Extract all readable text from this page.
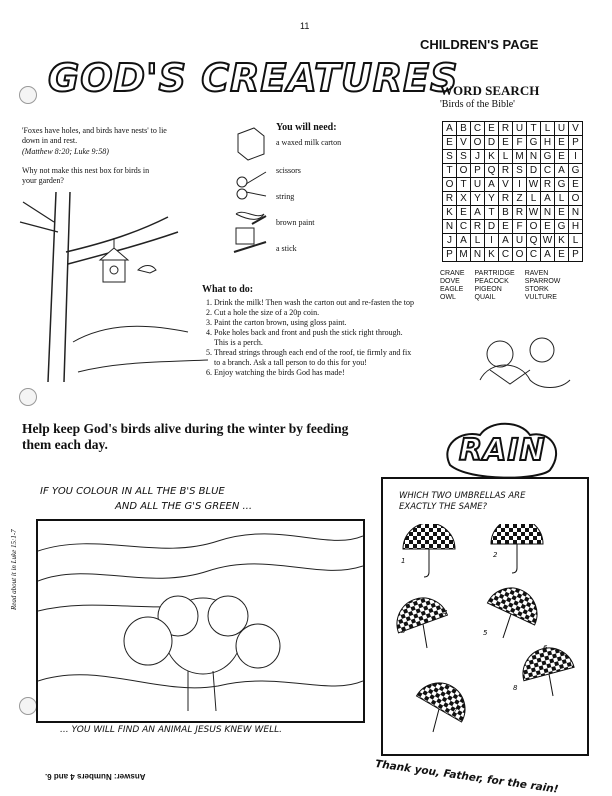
11
CHILDREN'S PAGE
GOD'S CREATURES
'Foxes have holes, and birds have nests' to lie down in and rest.
(Matthew 8:20; Luke 9:58)
Why not make this nest box for birds in your garden?
You will need:
a waxed milk carton
scissors
string
brown paint
a stick
What to do:
1. Drink the milk! Then wash the carton out and re-fasten the top
2. Cut a hole the size of a 20p coin.
3. Paint the carton brown, using gloss paint.
4. Poke holes back and front and push the stick right through. This is a perch.
5. Thread strings through each end of the roof, tie firmly and fix to a branch. Ask a tall person to do this for you!
6. Enjoy watching the birds God has made!
WORD SEARCH
'Birds of the Bible'
A	B	C	E	R	U	T	L	U	V
E	V	O	D	E	F	G	H	E	P
S	S	J	K	L	M	N	G	E	I
T	O	P	Q	R	S	D	C	A	G
O	T	U	A	V	I	W	R	G	E
R	X	Y	Y	R	Z	L	A	L	O
K	E	A	T	B	R	W	N	E	N
N	C	R	D	E	F	O	E	G	H
J	A	L	I	A	U	Q	W	K	L
P	M	N	K	C	O	C	A	E	P
CRANE	PARTRIDGE	RAVEN
DOVE	PEACOCK	SPARROW
EAGLE	PIGEON	STORK
OWL	QUAIL	VULTURE
Help keep God's birds alive during the winter by feeding them each day.
IF YOU COLOUR IN ALL THE B'S BLUE
AND ALL THE G'S GREEN ...
Read about it in Luke 15:1-7
... YOU WILL FIND AN ANIMAL JESUS KNEW WELL.
RAIN
WHICH TWO UMBRELLAS ARE EXACTLY THE SAME?
1
2
3
4
5
6
7
8
Thank you, Father, for the rain!
Answer: Numbers 4 and 6.
